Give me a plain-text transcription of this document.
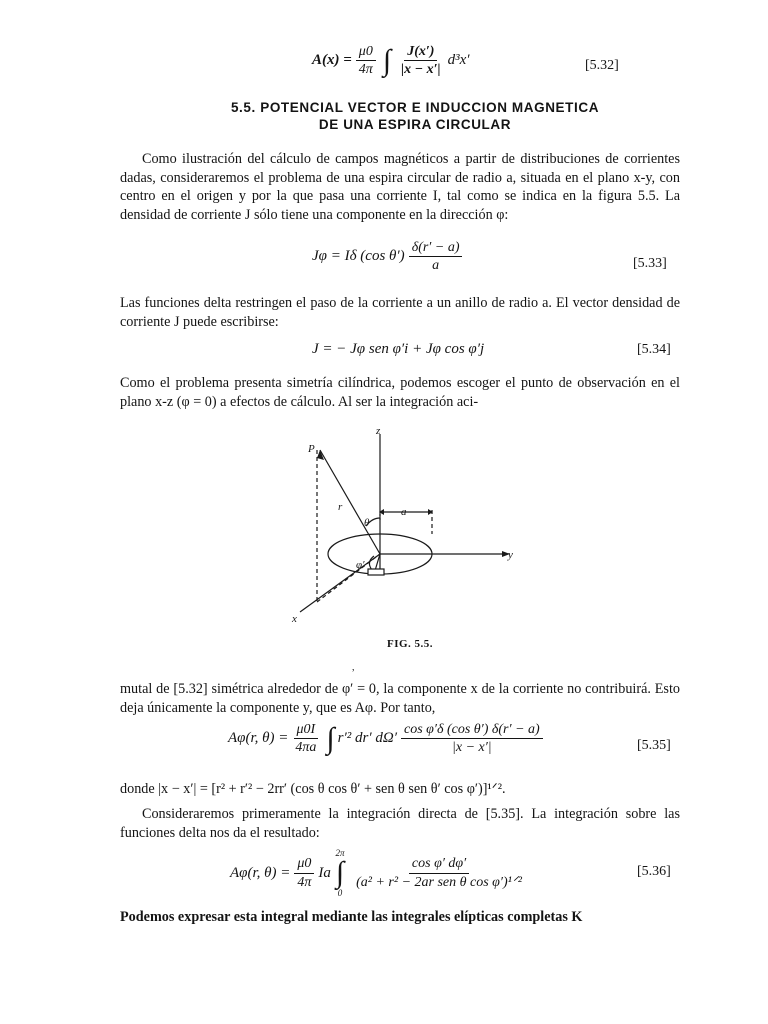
$A(x) = \frac{\mu 0}{4\pi}$ ∫ $\frac{J(x')}{|x - x'|} d^3x'$	[5.32]
5.5. POTENCIAL VECTOR E INDUCCION MAGNETICA
DE UNA ESPIRA CIRCULAR

Como ilustración del cálculo de campos magnéticos a partir de distribuciones de corrientes dadas, consideraremos el problema de una espira circular de radio a, situada en el plano x-y, con centro en el origen y por la que pasa una corriente I, tal como se indica en la figura 5.5. La densidad de corriente J sólo tiene una componente en la dirección φ:

Jφ = Iδ (cos $\theta') \frac{\delta(r' - a)}{a}$	[5.33]

Las funciones delta restringen el paso de la corriente a un anillo de radio a. El vector densidad de corriente J puede escribirse:

J = − Jφ sen φ′i + Jφ cos φ′j	[5.34]

Como el problema presenta simetría cilíndrica, podemos escoger el punto de observación en el plano x-z (φ = 0) a efectos de cálculo. Al ser la integración aci-

P
z
y
x
r
θ
a
φ′
FIG. 5.5.
,

mutal de [5.32] simétrica alrededor de φ′ = 0, la componente x de la corriente no contribuirá. Esto deja únicamente la componente y, que es Aφ. Por tanto,

Aφ(r, $\theta) = \frac{\mu 0I}{4\pi a}$ ∫ r′² dr′ $d\Omega' \frac{\text{cos φ′δ (cos θ′) δ(r′ − a)}}{|x - x'|}$	[5.35]

donde |x − x′| = [r² + r′² − 2rr′ (cos θ cos θ′ + sen θ sen θ′ cos φ′)]¹ᐟ².

Consideraremos primeramente la integración directa de [5.35]. La integración sobre las funciones delta nos da el resultado:

Aφ(r, $\theta) = \frac{\mu 0}{4\pi}$ Ia
2π
∫
0
$\frac{\text{cos φ′ dφ′}}{\text{(a² + r² − 2ar sen θ cos φ′)¹ᐟ²}}$	[5.36]

Podemos expresar esta integral mediante las integrales elípticas completas K
